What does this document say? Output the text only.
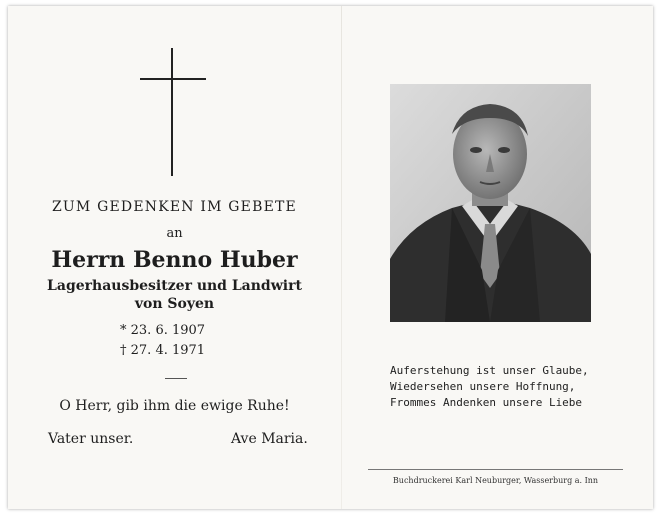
ZUM GEDENKEN IM GEBETE
an
Herrn Benno Huber
Lagerhausbesitzer und Landwirt
von Soyen
* 23. 6. 1907
† 27. 4. 1971
O Herr, gib ihm die ewige Ruhe!
Vater unser.	Ave Maria.
Auferstehung ist unser Glaube,
Wiedersehen unsere Hoffnung,
Frommes Andenken unsere Liebe
Buchdruckerei Karl Neuburger, Wasserburg a. Inn
